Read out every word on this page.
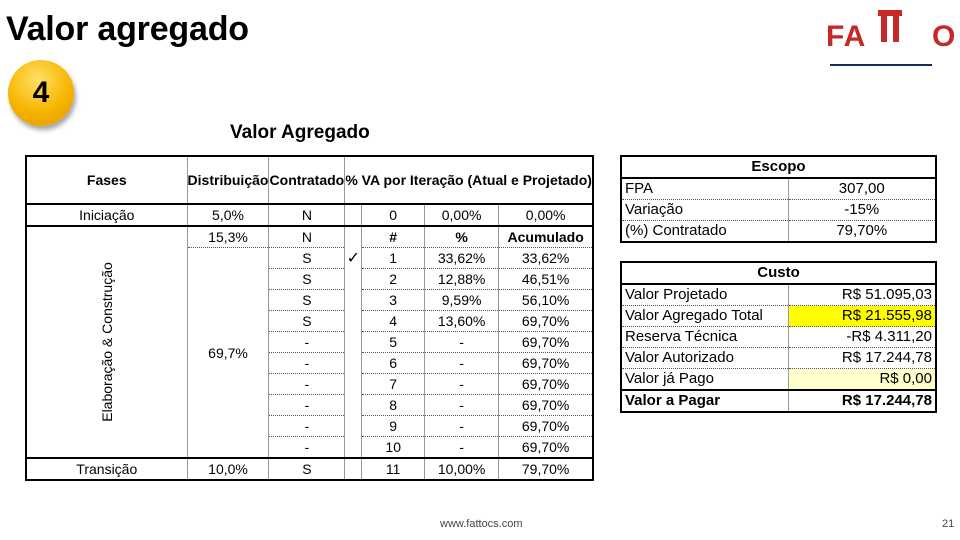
Valor agregado
4
FA O
Valor Agregado
Fases	Distribuição	Contratado	% VA por Iteração (Atual e Projetado)			
Iniciação	5,0%	N		0	0,00%	0,00%
Elaboração & Construção	15,3%	N	✓	#	%	Acumulado
	69,7%	S		1	33,62%	33,62%
		S		2	12,88%	46,51%
		S		3	9,59%	56,10%
		S		4	13,60%	69,70%
		-		5	-	69,70%
		-		6	-	69,70%
		-		7	-	69,70%
		-		8	-	69,70%
		-		9	-	69,70%
		-		10	-	69,70%
Transição	10,0%	S		11	10,00%	79,70%
Escopo	
FPA	307,00
Variação	-15%
(%) Contratado	79,70%
Custo	
Valor Projetado	R$ 51.095,03
Valor Agregado Total	R$ 21.555,98
Reserva Técnica	-R$ 4.311,20
Valor Autorizado	R$ 17.244,78
Valor já Pago	R$ 0,00
Valor a Pagar	R$ 17.244,78
www.fattocs.com	21
